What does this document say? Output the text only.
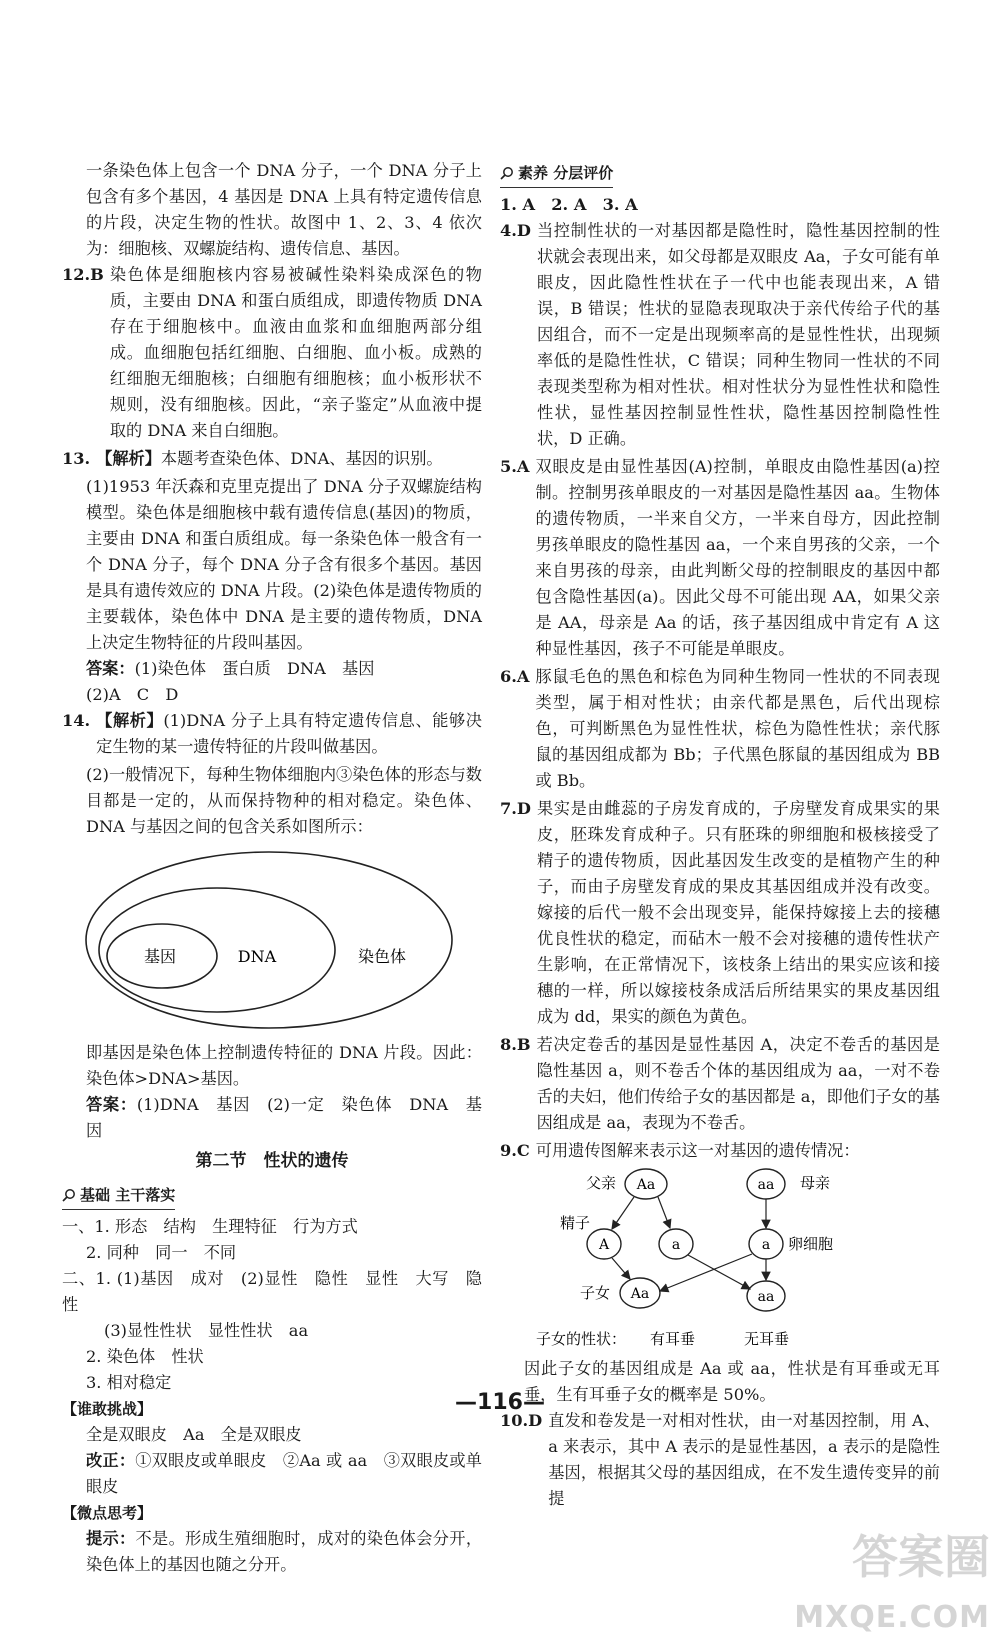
一条染色体上包含一个 DNA 分子，一个 DNA 分子上包含有多个基因，4 基因是 DNA 上具有特定遗传信息的片段，决定生物的性状。故图中 1、2、3、4 依次为：细胞核、双螺旋结构、遗传信息、基因。

12.B 染色体是细胞核内容易被碱性染料染成深色的物质，主要由 DNA 和蛋白质组成，即遗传物质 DNA 存在于细胞核中。血液由血浆和血细胞两部分组成。血细胞包括红细胞、白细胞、血小板。成熟的红细胞无细胞核；白细胞有细胞核；血小板形状不规则，没有细胞核。因此，“亲子鉴定”从血液中提取的 DNA 来自白细胞。
13. 【解析】本题考查染色体、DNA、基因的识别。

(1)1953 年沃森和克里克提出了 DNA 分子双螺旋结构模型。染色体是细胞核中载有遗传信息(基因)的物质，主要由 DNA 和蛋白质组成。每一条染色体一般含有一个 DNA 分子，每个 DNA 分子含有很多个基因。基因是具有遗传效应的 DNA 片段。(2)染色体是遗传物质的主要载体，染色体中 DNA 是主要的遗传物质，DNA 上决定生物特征的片段叫基因。

答案：(1)染色体　蛋白质　DNA　基因

(2)A　C　D

14. 【解析】(1)DNA 分子上具有特定遗传信息、能够决定生物的某一遗传特征的片段叫做基因。

(2)一般情况下，每种生物体细胞内③染色体的形态与数目都是一定的，从而保持物种的相对稳定。染色体、DNA 与基因之间的包含关系如图所示：

基因	DNA	染色体

即基因是染色体上控制遗传特征的 DNA 片段。因此：染色体>DNA>基因。

答案：(1)DNA　基因　(2)一定　染色体　DNA　基因

第二节　性状的遗传
基础 主干落实

一、1. 形态　结构　生理特征　行为方式

2. 同种　同一　不同

二、1. (1)基因　成对　(2)显性　隐性　显性　大写　隐性

(3)显性性状　显性性状　aa

2. 染色体　性状

3. 相对稳定

【谁敢挑战】

全是双眼皮　Aa　全是双眼皮

改正：①双眼皮或单眼皮　②Aa 或 aa　③双眼皮或单眼皮

【微点思考】

提示：不是。形成生殖细胞时，成对的染色体会分开，染色体上的基因也随之分开。

素养 分层评价

1. A　2. A　3. A

4.D 当控制性状的一对基因都是隐性时，隐性基因控制的性状就会表现出来，如父母都是双眼皮 Aa，子女可能有单眼皮，因此隐性性状在子一代中也能表现出来，A 错误，B 错误；性状的显隐表现取决于亲代传给子代的基因组合，而不一定是出现频率高的是显性性状，出现频率低的是隐性性状，C 错误；同种生物同一性状的不同表现类型称为相对性状。相对性状分为显性性状和隐性性状，显性基因控制显性性状，隐性基因控制隐性性状，D 正确。
5.A 双眼皮是由显性基因(A)控制，单眼皮由隐性基因(a)控制。控制男孩单眼皮的一对基因是隐性基因 aa。生物体的遗传物质，一半来自父方，一半来自母方，因此控制男孩单眼皮的隐性基因 aa，一个来自男孩的父亲，一个来自男孩的母亲，由此判断父母的控制眼皮的基因中都包含隐性基因(a)。因此父母不可能出现 AA，如果父亲是 AA，母亲是 Aa 的话，孩子基因组成中肯定有 A 这种显性基因，孩子不可能是单眼皮。
6.A 豚鼠毛色的黑色和棕色为同种生物同一性状的不同表现类型，属于相对性状；由亲代都是黑色，后代出现棕色，可判断黑色为显性性状，棕色为隐性性状；亲代豚鼠的基因组成都为 Bb；子代黑色豚鼠的基因组成为 BB 或 Bb。
7.D 果实是由雌蕊的子房发育成的，子房壁发育成果实的果皮，胚珠发育成种子。只有胚珠的卵细胞和极核接受了精子的遗传物质，因此基因发生改变的是植物产生的种子，而由子房壁发育成的果皮其基因组成并没有改变。嫁接的后代一般不会出现变异，能保持嫁接上去的接穗优良性状的稳定，而砧木一般不会对接穗的遗传性状产生影响，在正常情况下，该枝条上结出的果实应该和接穗的一样，所以嫁接枝条成活后所结果实的果皮基因组成为 dd，果实的颜色为黄色。
8.B 若决定卷舌的基因是显性基因 A，决定不卷舌的基因是隐性基因 a，则不卷舌个体的基因组成为 aa，一对不卷舌的夫妇，他们传给子女的基因都是 a，即他们子女的基因组成是 aa，表现为不卷舌。
9.C 可用遗传图解来表示这一对基因的遗传情况：
父亲 Aa	aa 母亲
精子
A	a	a 卵细胞
子女 Aa	aa
子女的性状： 有耳垂	无耳垂

因此子女的基因组成是 Aa 或 aa，性状是有耳垂或无耳垂，生有耳垂子女的概率是 50%。

10.D 直发和卷发是一对相对性状，由一对基因控制，用 A、a 来表示，其中 A 表示的是显性基因，a 表示的是隐性基因，根据其父母的基因组成，在不发生遗传变异的前提
—116—
答案圈
MXQE.COM
